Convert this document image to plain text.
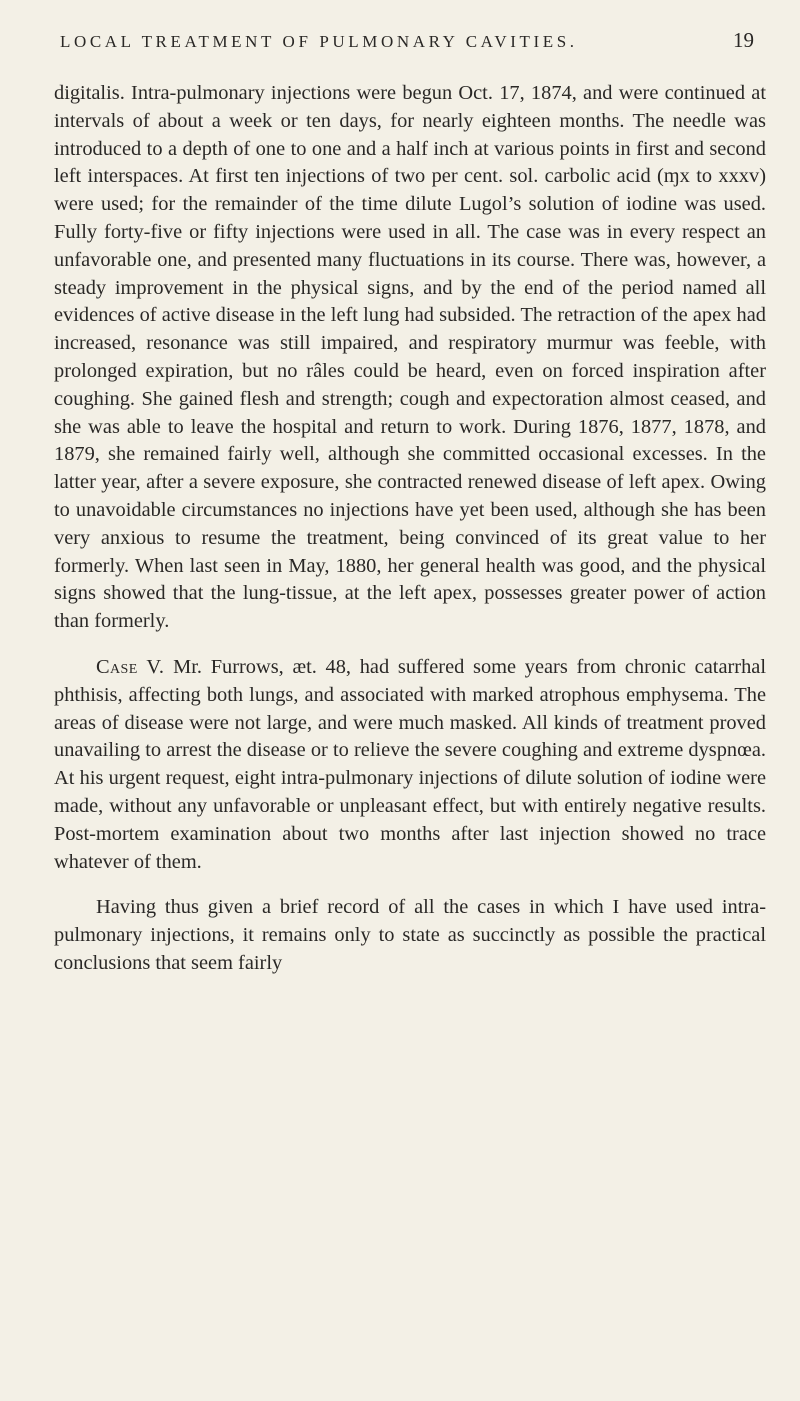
LOCAL TREATMENT OF PULMONARY CAVITIES.	19

digitalis. Intra-pulmonary injections were begun Oct. 17, 1874, and were continued at intervals of about a week or ten days, for nearly eighteen months. The needle was introduced to a depth of one to one and a half inch at various points in first and second left interspaces. At first ten injections of two per cent. sol. carbolic acid (ɱx to xxxv) were used; for the remainder of the time dilute Lugol’s solution of iodine was used. Fully forty-five or fifty injections were used in all. The case was in every respect an unfavorable one, and presented many fluctuations in its course. There was, however, a steady improvement in the physical signs, and by the end of the period named all evidences of active disease in the left lung had subsided. The retraction of the apex had increased, resonance was still impaired, and respiratory murmur was feeble, with prolonged expiration, but no râles could be heard, even on forced inspiration after coughing. She gained flesh and strength; cough and expectoration almost ceased, and she was able to leave the hospital and return to work. During 1876, 1877, 1878, and 1879, she remained fairly well, although she committed occasional excesses. In the latter year, after a severe exposure, she contracted renewed disease of left apex. Owing to unavoidable circumstances no injections have yet been used, although she has been very anxious to resume the treatment, being convinced of its great value to her formerly. When last seen in May, 1880, her general health was good, and the physical signs showed that the lung-tissue, at the left apex, possesses greater power of action than formerly.

Case V. Mr. Furrows, æt. 48, had suffered some years from chronic catarrhal phthisis, affecting both lungs, and associated with marked atrophous emphysema. The areas of disease were not large, and were much masked. All kinds of treatment proved unavailing to arrest the disease or to relieve the severe coughing and extreme dyspnœa. At his urgent request, eight intra-pulmonary injections of dilute solution of iodine were made, without any unfavorable or unpleasant effect, but with entirely negative results. Post-mortem examination about two months after last injection showed no trace whatever of them.

Having thus given a brief record of all the cases in which I have used intra-pulmonary injections, it remains only to state as succinctly as possible the practical conclusions that seem fairly
